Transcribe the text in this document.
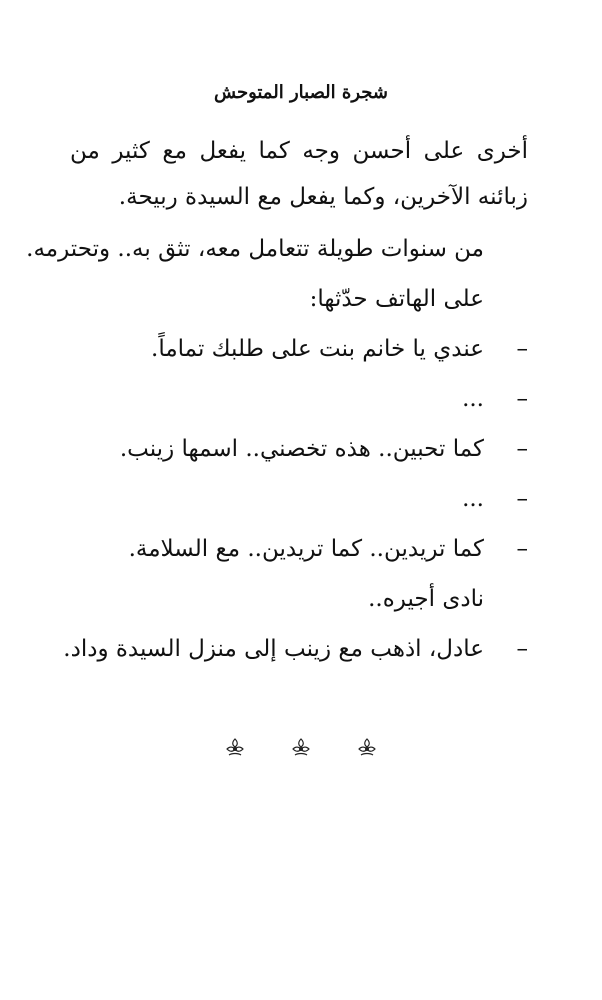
شجرة الصبار المتوحش

أخرى على أحسن وجه كما يفعل مع كثير من زبائنه الآخرين، وكما يفعل مع السيدة ربيحة.

من سنوات طويلة تتعامل معه، تثق به.. وتحترمه.

على الهاتف حدّثها:

–
عندي يا خانم بنت على طلبك تماماً.

–
...

–
كما تحبين.. هذه تخصني.. اسمها زينب.

–
...

–
كما تريدين.. كما تريدين.. مع السلامة.

نادى أجيره..

–
عادل، اذهب مع زينب إلى منزل السيدة وداد.
